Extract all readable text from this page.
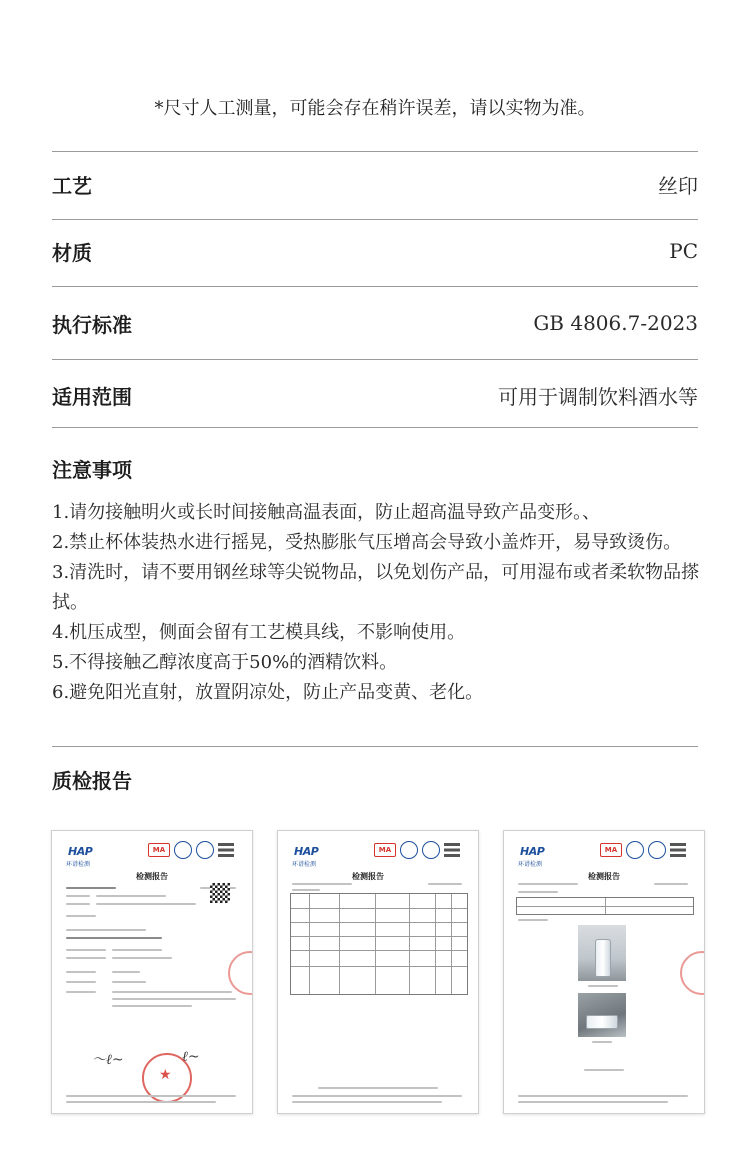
*尺寸人工测量，可能会存在稍许误差，请以实物为准。
工艺	丝印
材质	PC
执行标准	GB 4806.7-2023
适用范围	可用于调制饮料酒水等
注意事项
1.请勿接触明火或长时间接触高温表面，防止超高温导致产品变形。、
2.禁止杯体装热水进行摇晃，受热膨胀气压增高会导致小盖炸开，易导致烫伤。
3.清洗时，请不要用钢丝球等尖锐物品，以免划伤产品，可用湿布或者柔软物品搽拭。
4.机压成型，侧面会留有工艺模具线，不影响使用。
5.不得接触乙醇浓度高于50%的酒精饮料。
6.避免阳光直射，放置阴凉处，防止产品变黄、老化。
质检报告
HAP
环谱检测
MA
检测报告
〜ℓ~	ℓ~
★
HAP
环谱检测
MA
检测报告
HAP
环谱检测
MA
检测报告
